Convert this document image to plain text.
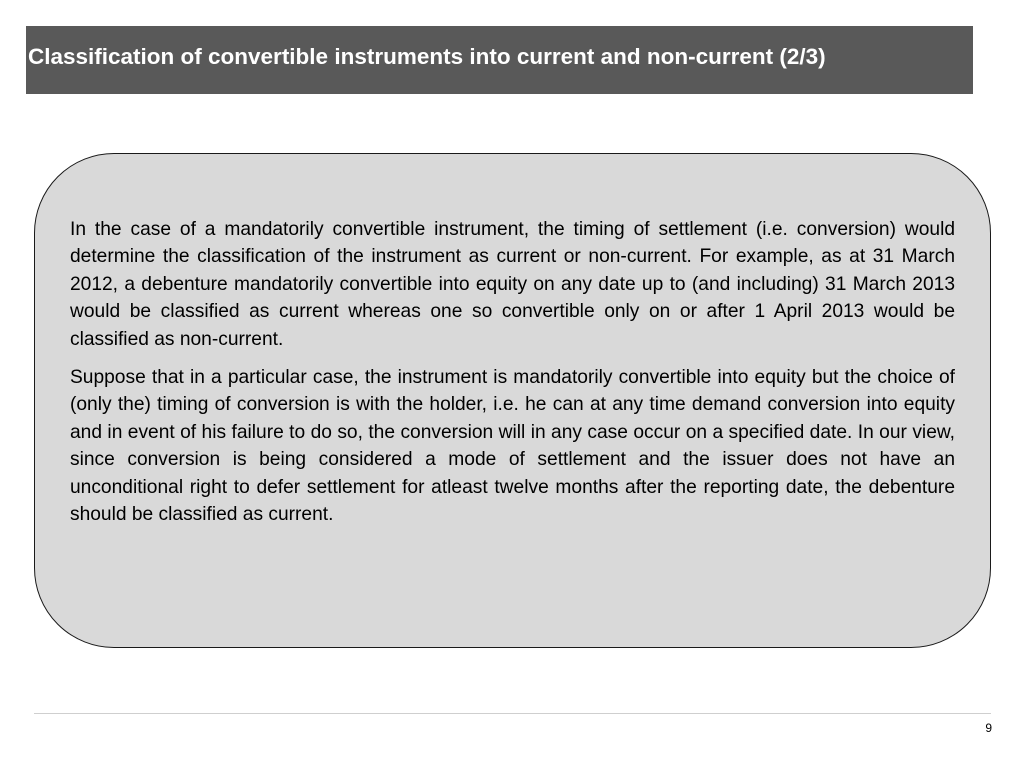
Classification of convertible instruments into current and non-current (2/3)

In the case of a mandatorily convertible instrument, the timing of settlement (i.e. conversion) would determine the classification of the instrument as current or non-current. For example, as at 31 March 2012, a debenture mandatorily convertible into equity on any date up to (and including) 31 March 2013 would be classified as current whereas one so convertible only on or after 1 April 2013 would be classified as non-current.

Suppose that in a particular case, the instrument is mandatorily convertible into equity but the choice of (only the) timing of conversion is with the holder, i.e. he can at any time demand conversion into equity and in event of his failure to do so, the conversion will in any case occur on a specified date. In our view, since conversion is being considered a mode of settlement and the issuer does not have an unconditional right to defer settlement for atleast twelve months after the reporting date, the debenture should be classified as current.

9
